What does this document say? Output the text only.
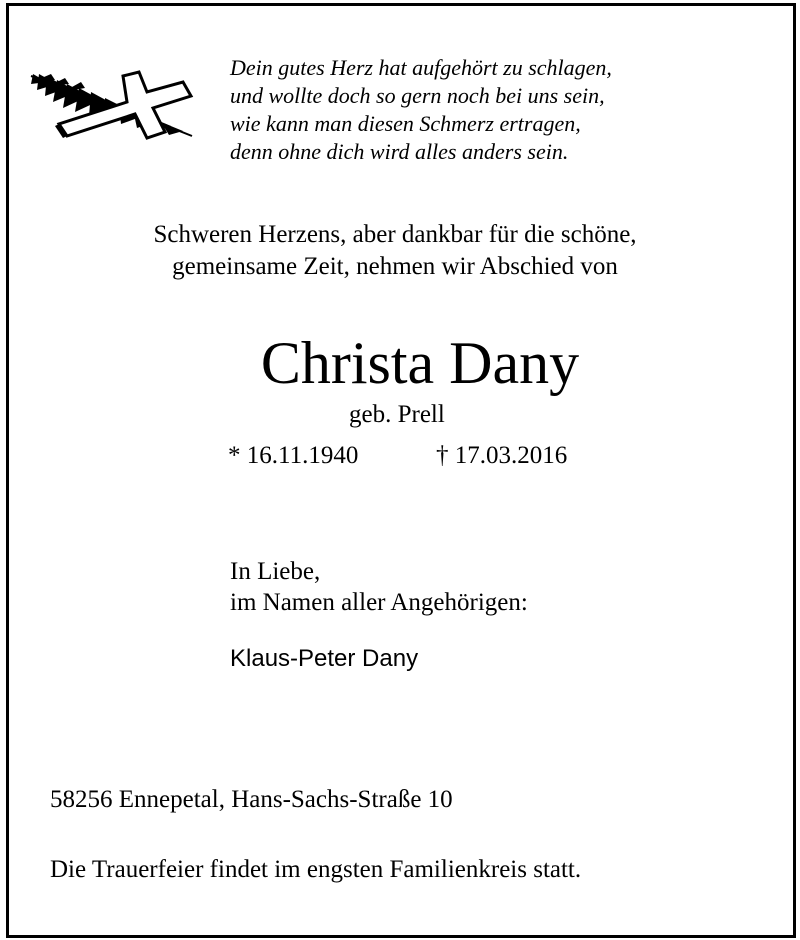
Dein gutes Herz hat aufgehört zu schlagen,
und wollte doch so gern noch bei uns sein,
wie kann man diesen Schmerz ertragen,
denn ohne dich wird alles anders sein.
Schweren Herzens, aber dankbar für die schöne,
gemeinsame Zeit, nehmen wir Abschied von
Christa Dany
geb. Prell
* 16.11.1940	† 17.03.2016
In Liebe,
im Namen aller Angehörigen:
Klaus-Peter Dany
58256 Ennepetal, Hans-Sachs-Straße 10
Die Trauerfeier findet im engsten Familienkreis statt.
